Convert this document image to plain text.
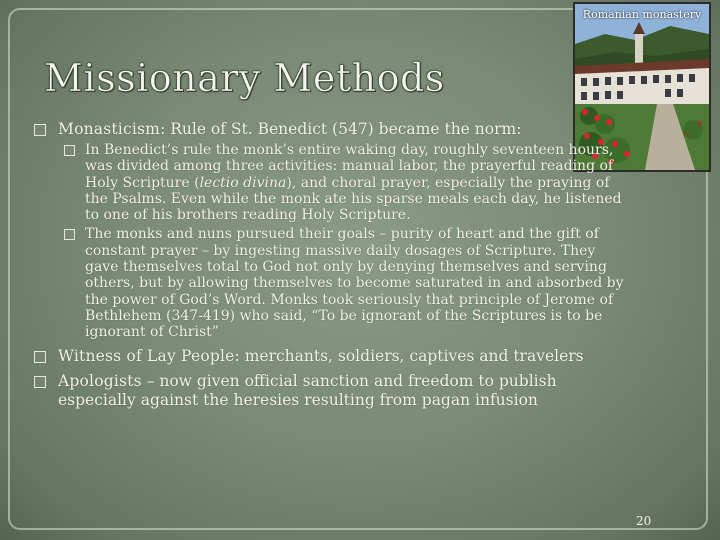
Missionary Methods
Romanian monastery
Monasticism: Rule of St. Benedict (547) became the norm:
In Benedict’s rule the monk’s entire waking day, roughly seventeen hours, was divided among three activities: manual labor, the prayerful reading of Holy Scripture (lectio divina), and choral prayer, especially the praying of the Psalms. Even while the monk ate his sparse meals each day, he listened to one of his brothers reading Holy Scripture.
The monks and nuns pursued their goals – purity of heart and the gift of constant prayer – by ingesting massive daily dosages of Scripture. They gave themselves total to God not only by denying themselves and serving others, but by allowing themselves to become saturated in and absorbed by the power of God’s Word. Monks took seriously that principle of Jerome of Bethlehem (347-419) who said, “To be ignorant of the Scriptures is to be ignorant of Christ”
Witness of Lay People: merchants, soldiers, captives and travelers
Apologists – now given official sanction and freedom to publish especially against the heresies resulting from pagan infusion
20
